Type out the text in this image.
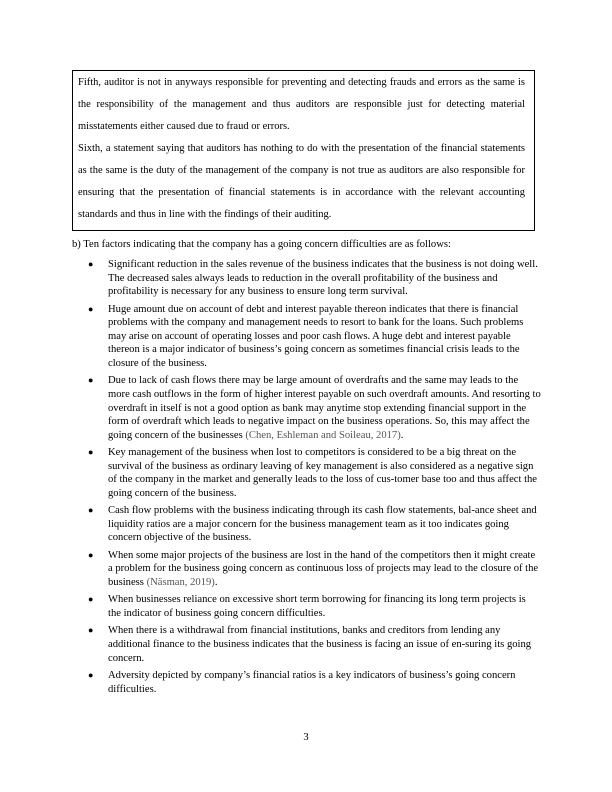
Fifth, auditor is not in anyways responsible for preventing and detecting frauds and errors as the same is the responsibility of the management and thus auditors are responsible just for detecting material misstatements either caused due to fraud or errors.

Sixth, a statement saying that auditors has nothing to do with the presentation of the financial statements as the same is the duty of the management of the company is not true as auditors are also responsible for ensuring that the presentation of financial statements is in accordance with the relevant accounting standards and thus in line with the findings of their auditing.

b) Ten factors indicating that the company has a going concern difficulties are as follows:

● Significant reduction in the sales revenue of the business indicates that the business is not doing well. The decreased sales always leads to reduction in the overall profitability of the business and profitability is necessary for any business to ensure long term survival.
● Huge amount due on account of debt and interest payable thereon indicates that there is financial problems with the company and management needs to resort to bank for the loans. Such problems may arise on account of operating losses and poor cash flows. A huge debt and interest payable thereon is a major indicator of business’s going concern as sometimes financial crisis leads to the closure of the business.
● Due to lack of cash flows there may be large amount of overdrafts and the same may leads to the more cash outflows in the form of higher interest payable on such overdraft amounts. And resorting to overdraft in itself is not a good option as bank may anytime stop extending financial support in the form of overdraft which leads to negative impact on the business operations. So, this may affect the going concern of the businesses (Chen, Eshleman and Soileau, 2017).
● Key management of the business when lost to competitors is considered to be a big threat on the survival of the business as ordinary leaving of key management is also considered as a negative sign of the company in the market and generally leads to the loss of cus-tomer base too and thus affect the going concern of the business.
● Cash flow problems with the business indicating through its cash flow statements, bal-ance sheet and liquidity ratios are a major concern for the business management team as it too indicates going concern objective of the business.
● When some major projects of the business are lost in the hand of the competitors then it might create a problem for the business going concern as continuous loss of projects may lead to the closure of the business (Näsman, 2019).
● When businesses reliance on excessive short term borrowing for financing its long term projects is the indicator of business going concern difficulties.
● When there is a withdrawal from financial institutions, banks and creditors from lending any additional finance to the business indicates that the business is facing an issue of en-suring its going concern.
● Adversity depicted by company’s financial ratios is a key indicators of business’s going concern difficulties.
3
